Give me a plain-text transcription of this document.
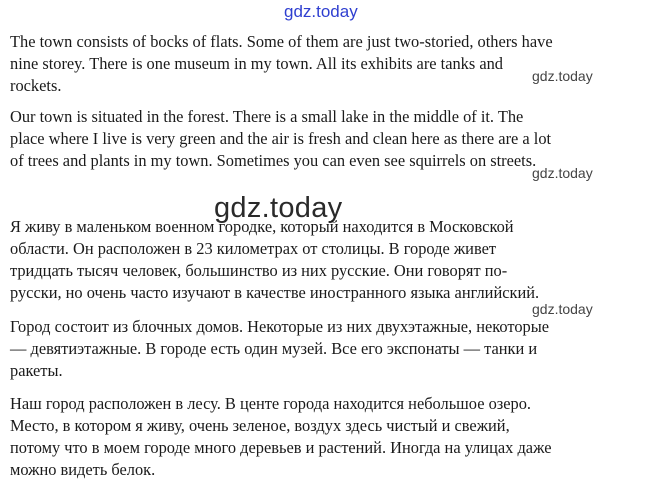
gdz.today

The town consists of bocks of flats. Some of them are just two-storied, others have
nine storey. There is one museum in my town. All its exhibits are tanks and
rockets.	gdz.today

Our town is situated in the forest. There is a small lake in the middle of it. The
place where I live is very green and the air is fresh and clean here as there are a lot
of trees and plants in my town. Sometimes you can even see squirrels on streets.

gdz.today
gdz.today

Я живу в маленьком военном городке, который находится в Московской
области. Он расположен в 23 километрах от столицы. В городе живет
тридцать тысяч человек, большинство из них русские. Они говорят по-
русски, но очень часто изучают в качестве иностранного языка английский.

gdz.today

Город состоит из блочных домов. Некоторые из них двухэтажные, некоторые
— девятиэтажные. В городе есть один музей. Все его экспонаты — танки и
ракеты.

Наш город расположен в лесу. В центе города находится небольшое озеро.
Место, в котором я живу, очень зеленое, воздух здесь чистый и свежий,
потому что в моем городе много деревьев и растений. Иногда на улицах даже
можно видеть белок.
